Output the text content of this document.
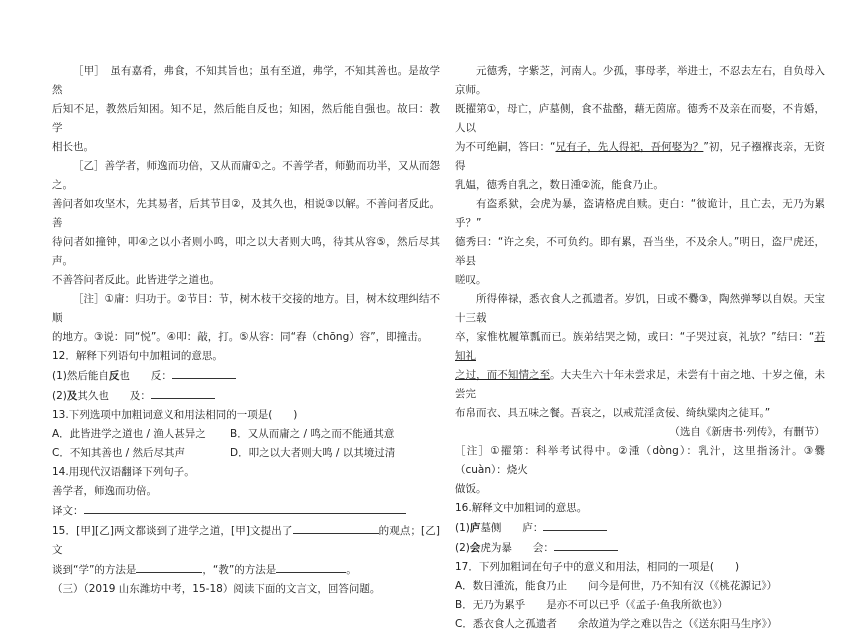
［甲］　虽有嘉肴，弗食，不知其旨也；虽有至道，弗学，不知其善也。是故学然

后知不足，教然后知困。知不足，然后能自反也；知困，然后能自强也。故曰：教学

相长也。

［乙］善学者，师逸而功倍，又从而庸①之。不善学者，师勤而功半，又从而怨之。

善问者如攻坚木，先其易者，后其节目②，及其久也，相说③以解。不善问者反此。善

待问者如撞钟，叩④之以小者则小鸣，叩之以大者则大鸣，待其从容⑤，然后尽其声。

不善答问者反此。此皆进学之道也。

［注］①庸：归功于。②节目：节，树木枝干交接的地方。目，树木纹理纠结不顺

的地方。③说：同“悦”。④叩：敲，打。⑤从容：同“舂（chōng）容”，即撞击。

12．解释下列语句中加粗词的意思。

(1)然后能自反也　　反：

(2)及其久也　　及：

13.下列选项中加粗词意义和用法相同的一项是(　　)

A．此皆进学之道也 / 渔人甚异之	B．又从而庸之 / 鸣之而不能通其意
C．不知其善也 / 然后尽其声	D．叩之以大者则大鸣 / 以其境过清

14.用现代汉语翻译下列句子。

善学者，师逸而功倍。

译文：

15．[甲][乙]两文都谈到了进学之道，[甲]文提出了	的观点；[乙]文

谈到“学”的方法是	，“教”的方法是	。

（三）（2019 山东潍坊中考，15-18）阅读下面的文言文，回答问题。

元德秀，字紫芝，河南人。少孤，事母孝，举进士，不忍去左右，自负母入京师。

既擢第①，母亡，庐墓侧，食不盐酪，藉无茵席。德秀不及亲在而娶，不肯婚，人以

为不可绝嗣，答曰：“兄有子，先人得祀，吾何娶为？”初，兄子襁褓丧亲，无资得

乳媪，德秀自乳之，数日湩②流，能食乃止。

有盗系狱，会虎为暴，盗请格虎自赎。吏白：“彼诡计，且亡去，无乃为累乎？”

德秀曰：“许之矣，不可负约。即有累，吾当坐，不及余人。”明日，盗尸虎还，举县

嗟叹。

所得俸禄，悉衣食人之孤遗者。岁饥，日或不爨③，陶然弹琴以自娱。天宝十三载

卒，家惟枕履箪瓢而已。族弟结哭之恸，或曰：“子哭过哀，礼欤？”结曰：“若知礼

之过，而不知情之至。大夫生六十年未尝求足，未尝有十亩之地、十岁之僮，未尝完

布帛而衣、具五味之餐。吾哀之，以戒荒淫贪佞、绮纨粱肉之徒耳。”

（选自《新唐书·列传》，有删节）

［注］①擢第：科举考试得中。②湩（dòng）：乳汁，这里指汤汁。③爨（cuàn）：烧火

做饭。

16.解释文中加粗词的意思。

(1)庐墓侧　　庐：

(2)会虎为暴　　会：

17．下列加粗词在句子中的意义和用法，相同的一项是(　　)

A．数日湩流，能食乃止　　问今是何世，乃不知有汉（《桃花源记》）

B．无乃为累乎　　是亦不可以已乎（《孟子·鱼我所欲也》）

C．悉衣食人之孤遗者　　余故道为学之难以告之（《送东阳马生序》）
